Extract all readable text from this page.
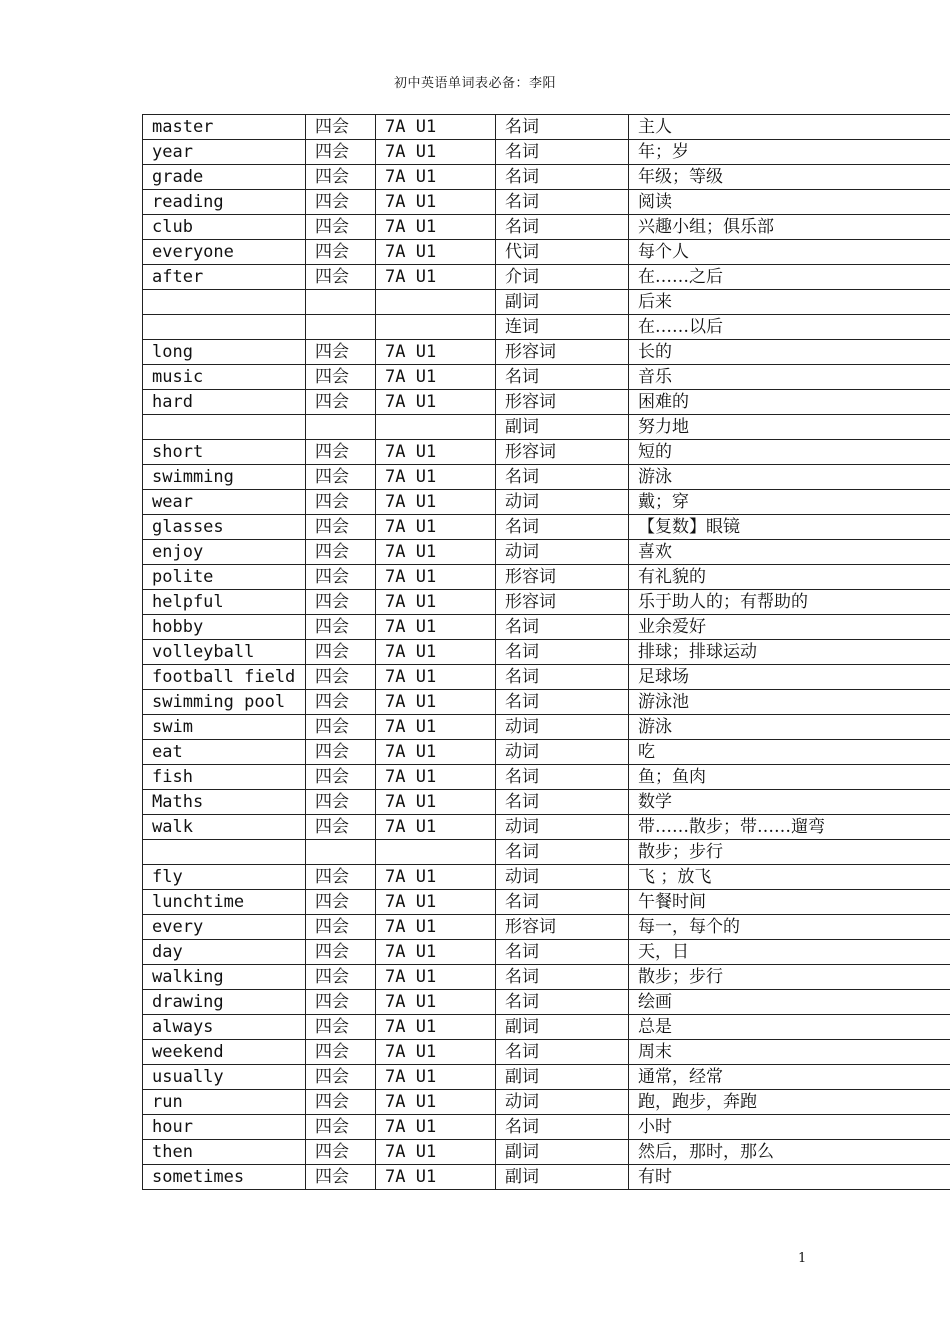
初中英语单词表必备：李阳
master	四会	7A U1	名词	主人
year	四会	7A U1	名词	年；岁
grade	四会	7A U1	名词	年级；等级
reading	四会	7A U1	名词	阅读
club	四会	7A U1	名词	兴趣小组；俱乐部
everyone	四会	7A U1	代词	每个人
after	四会	7A U1	介词	在……之后
			副词	后来
			连词	在……以后
long	四会	7A U1	形容词	长的
music	四会	7A U1	名词	音乐
hard	四会	7A U1	形容词	困难的
			副词	努力地
short	四会	7A U1	形容词	短的
swimming	四会	7A U1	名词	游泳
wear	四会	7A U1	动词	戴；穿
glasses	四会	7A U1	名词	【复数】眼镜
enjoy	四会	7A U1	动词	喜欢
polite	四会	7A U1	形容词	有礼貌的
helpful	四会	7A U1	形容词	乐于助人的；有帮助的
hobby	四会	7A U1	名词	业余爱好
volleyball	四会	7A U1	名词	排球；排球运动
football field	四会	7A U1	名词	足球场
swimming pool	四会	7A U1	名词	游泳池
swim	四会	7A U1	动词	游泳
eat	四会	7A U1	动词	吃
fish	四会	7A U1	名词	鱼；鱼肉
Maths	四会	7A U1	名词	数学
walk	四会	7A U1	动词	带……散步；带……遛弯
			名词	散步；步行
fly	四会	7A U1	动词	飞 ；放飞
lunchtime	四会	7A U1	名词	午餐时间
every	四会	7A U1	形容词	每一，每个的
day	四会	7A U1	名词	天，日
walking	四会	7A U1	名词	散步；步行
drawing	四会	7A U1	名词	绘画
always	四会	7A U1	副词	总是
weekend	四会	7A U1	名词	周末
usually	四会	7A U1	副词	通常，经常
run	四会	7A U1	动词	跑，跑步，奔跑
hour	四会	7A U1	名词	小时
then	四会	7A U1	副词	然后，那时，那么
sometimes	四会	7A U1	副词	有时
1
